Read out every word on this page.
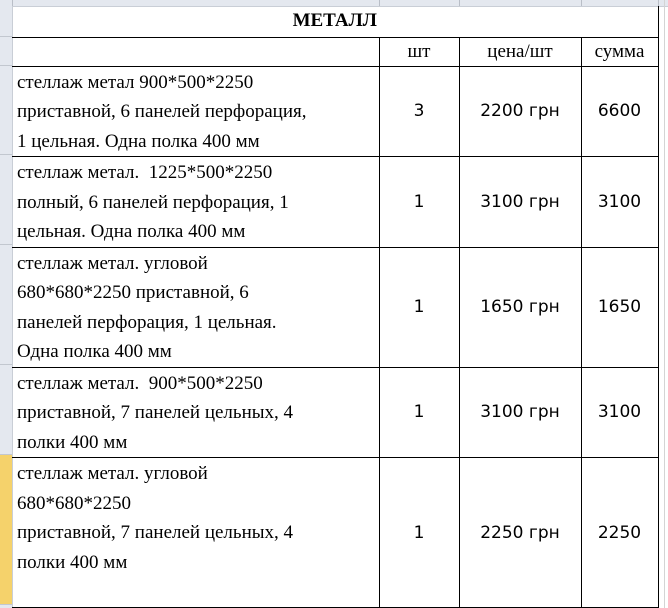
МЕТАЛЛ			
	шт	цена/шт	сумма

стеллаж метал 900*500*2250
приставной, 6 панелей перфорация,
1 цельная. Одна полка 400 мм	3	2200 грн	6600

стеллаж метал.  1225*500*2250
полный, 6 панелей перфорация, 1
цельная. Одна полка 400 мм	1	3100 грн	3100

стеллаж метал. угловой
680*680*2250 приставной, 6
панелей перфорация, 1 цельная.
Одна полка 400 мм	1	1650 грн	1650

стеллаж метал.  900*500*2250
приставной, 7 панелей цельных, 4
полки 400 мм	1	3100 грн	3100

стеллаж метал. угловой
680*680*2250
приставной, 7 панелей цельных, 4
полки 400 мм	1	2250 грн	2250
